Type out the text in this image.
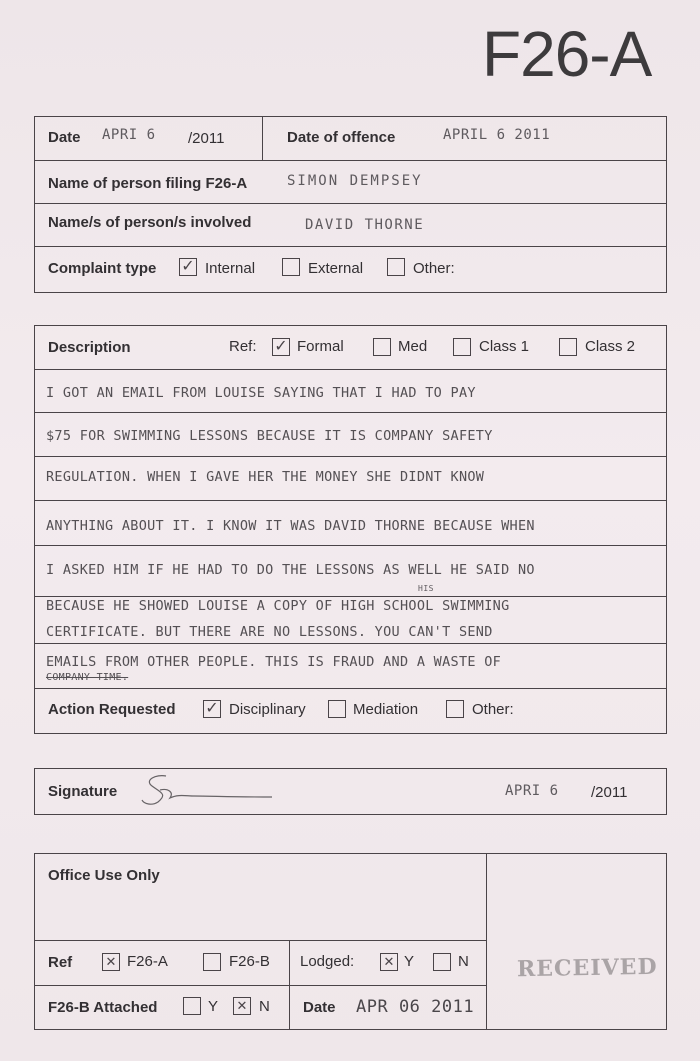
F26-A
Date APRI 6 /2011	Date of offence	APRIL 6 2011
Name of person filing F26-A	SIMON DEMPSEY
Name/s of person/s involved	DAVID THORNE
Complaint type ✓ Internal	External	Other:
Description	Ref: ✓ Formal	Med	Class 1	Class 2
I GOT AN EMAIL FROM LOUISE SAYING THAT I HAD TO PAY
$75 FOR SWIMMING LESSONS BECAUSE IT IS COMPANY SAFETY
REGULATION. WHEN I GAVE HER THE MONEY SHE DIDNT KNOW
ANYTHING ABOUT IT. I KNOW IT WAS DAVID THORNE BECAUSE WHEN
I ASKED HIM IF HE HAD TO DO THE LESSONS AS WELL HE SAID NO
BECAUSE HE SHOWED LOUISE A COPY OF HIGH SCHOOL SWIMMING
HIS
CERTIFICATE. BUT THERE ARE NO LESSONS. YOU CAN'T SEND
EMAILS FROM OTHER PEOPLE. THIS IS FRAUD AND A WASTE OF
COMPANY TIME.
Action Requested ✓ Disciplinary	Mediation	Other:
Signature	APRI 6 /2011
Office Use Only
Ref	✕ F26-A	F26-B Lodged: ✕ Y	N
F26-B Attached	Y ✕ N Date APR 06 2011
RECEIVED
